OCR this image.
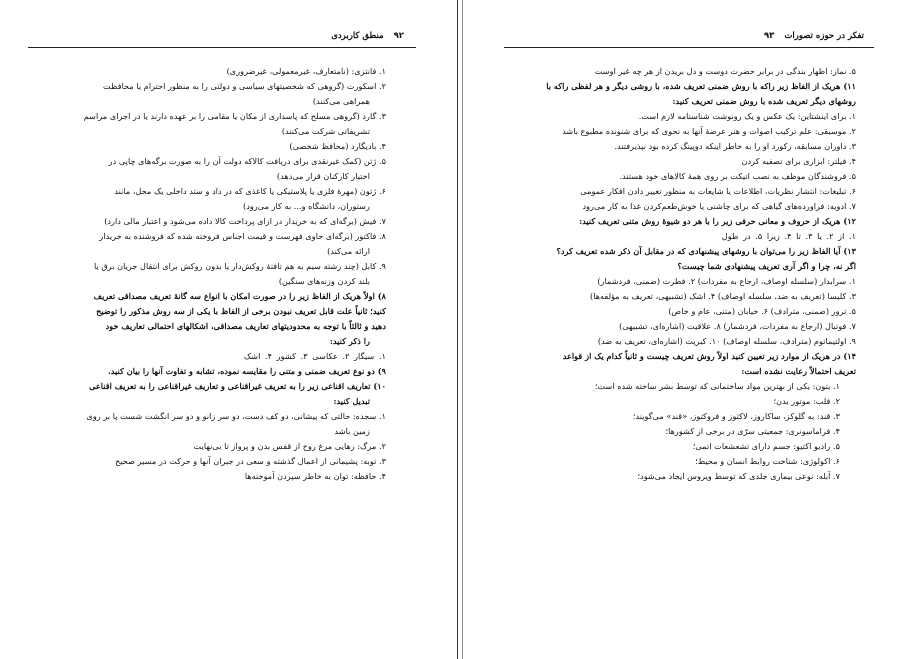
۹۲
منطق کاربردی
۱. فانتزی: (نامتعارف، غیرمعمولی، غیرضروری)
۲. اسکورت (گروهی که شخصیتهای سیاسی و دولتی را به منظور احترام یا محافظت
همراهی می‌کنند)
۳. گارد (گروهی مسلح که پاسداری از مکان یا مقامی را بر عهده دارند یا در اجرای مراسم
تشریفاتی شرکت می‌کنند)
۴. بادیگارد (محافظ شخصی)
۵. ژتن (کمک غیرنقدی برای دریافت کالاکه دولت آن را به صورت برگه‌های چاپی در
اختیار کارکنان قرار می‌دهد)
۶. ژتون (مهرهٔ فلزی یا پلاستیکی یا کاغذی که در داد و ستد داخلی یک محل، مانند
رستوران، دانشگاه و... به کار می‌رود)
۷. فیش (برگه‌ای که به خریدار در ازای پرداخت کالا داده می‌شود و اعتبار مالی دارد)
۸. فاکتور (برگه‌ای حاوی فهرست و قیمت اجناس فروخته شده که فروشنده به خریدار
ارائه می‌کند)
۹. کابل (چند رشته سیم به هم تافتهٔ روکش‌دار یا بدون روکش برای انتقال جریان برق یا
بلند کردن وزنه‌های سنگین)
۸) اولاً هریک از الفاظ زیر را در صورت امکان با انواع سه گانهٔ تعریف مصداقی تعریف
کنید؛ ثانیاً علت قابل تعریف نبودن برخی از الفاظ با یکی از سه روش مذکور را توضیح
دهید و ثالثاً با توجه به محدودیتهای تعاریف مصداقی، اشکالهای احتمالی تعاریف خود
را ذکر کنید:
۱. سیگار ۲. عکاسی ۳. کشور ۴. اشک
۹) دو نوع تعریف ضمنی و متنی را مقایسه نموده، تشابه و تفاوت آنها را بیان کنید.
۱۰) تعاریف اقناعی زیر را به تعریف غیراقناعی و تعاریف غیراقناعی را به تعریف اقناعی
تبدیل کنید:
۱. سجده: حالتی که پیشانی، دو کف دست، دو سر زانو و دو سر انگشت شست پا بر روی
زمین باشد
۲. مرگ: رهایی مرغ روح از قفس بدن و پرواز تا بی‌نهایت
۳. توبه: پشیمانی از اعمال گذشته و سعی در جبران آنها و حرکت در مسیر صحیح
۴. حافظه: توان به خاطر سپردن آموخته‌ها
تفکر در حوزه تصورات
۹۳
۵. نماز: اظهار بندگی در برابر حضرت دوست و دل بریدن از هر چه غیر اوست
۱۱) هریک از الفاظ زیر راکه با روش ضمنی تعریف شده، با روشی دیگر و هر لفظی راکه با
روشهای دیگر تعریف شده با روش ضمنی تعریف کنید:
۱. برای اینشتاین: یک عکس و یک رونوشت شناسنامه لازم است.
۲. موسیقی: علم ترکیب اصوات و هنر عرضهٔ آنها به نحوی که برای شنونده مطبوع باشد
۳. داوران مسابقه، رکورد او را به خاطر اینکه دوپینگ کرده بود نپذیرفتند.
۴. فیلتر: ابزاری برای تصفیه کردن
۵. فروشندگان موظف به نصب اتیکت بر روی همهٔ کالاهای خود هستند.
۶. تبلیغات: انتشار نظریات، اطلاعات یا شایعات به منظور تغییر دادن افکار عمومی
۷. ادویه: فراورده‌های گیاهی که برای چاشنی یا خوش‌طعم‌کردن غذا به کار می‌رود
۱۲) هریک از حروف و معانی حرفی زیر را با هر دو شیوهٔ روش متنی تعریف کنید:
۱. از ۲. یا ۳. تا ۴. زیرا ۵. در طول
۱۳) آیا الفاظ زیر را می‌توان با روشهای پیشنهادی که در مقابل آن ذکر شده تعریف کرد؟
اگر نه، چرا و اگر آری تعریف پیشنهادی شما چیست؟
۱. سرابدار (سلسله اوصاف، ارجاع به مفردات) ۲. فطرت (ضمنی، فردشمار)
۳. کلیسا (تعریف به ضد، سلسله اوصاف) ۴. اشک (تشبیهی، تعریف به مؤلفه‌ها)
۵. ترور (ضمنی، مترادف) ۶. خیابان (متنی، عام و خاص)
۷. فوتبال (ارجاع به مفردات، فردشمار) ۸. علاقیت (اشاره‌ای، تشبیهی)
۹. اولتیماتوم (مترادف، سلسله اوصاف) ۱۰. کبریت (اشاره‌ای، تعریف به ضد)
۱۴) در هریک از موارد زیر تعیین کنید اولاً روش تعریف چیست و ثانیاً کدام یک از قواعد
تعریف احتمالاً رعایت نشده است:
۱. بتون: یکی از بهترین مواد ساختمانی که توسط بشر ساخته شده است؛
۲. قلب: موتور بدن؛
۳. قند: به گلوکز، ساکاروز، لاکتوز و فروکتوز، «قند» می‌گویند؛
۴. فراماسونری: جمعیتی سرّی در برخی از کشورها؛
۵. رادیو اکتیو: جسم دارای تشعشعات اتمی؛
۶. اکولوژی: شناخت روابط انسان و محیط؛
۷. آبله: نوعی بیماری جلدی که توسط ویروس ایجاد می‌شود؛
